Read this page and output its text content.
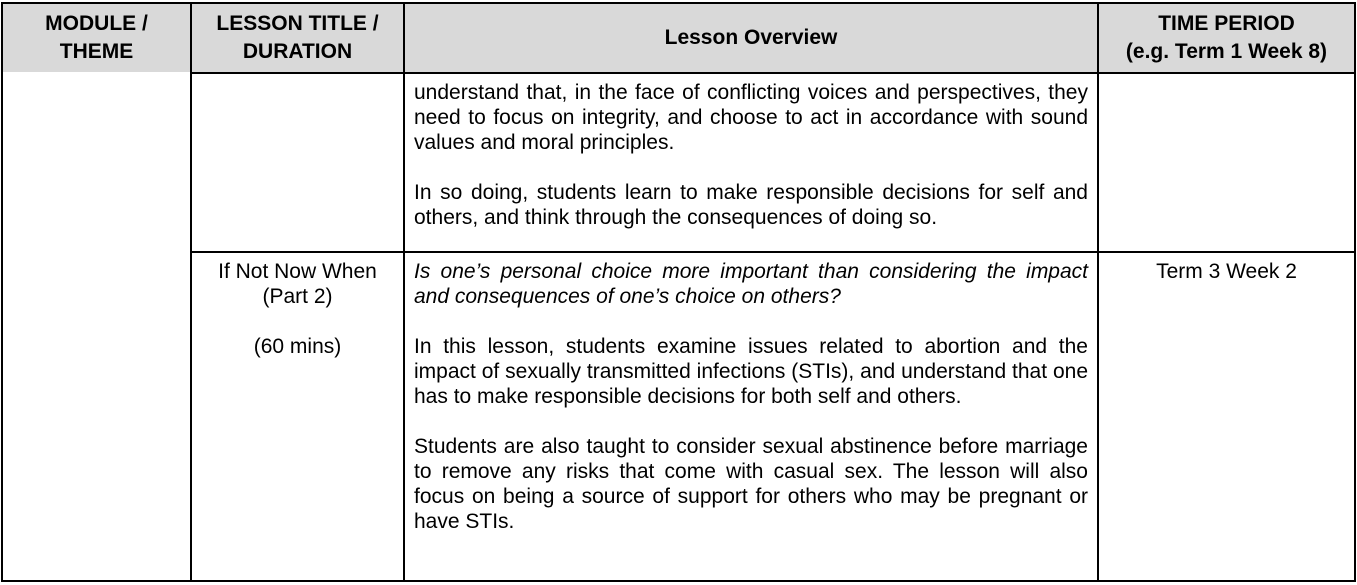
MODULE /
THEME
LESSON TITLE /
DURATION
Lesson Overview
TIME PERIOD
(e.g. Term 1 Week 8)

understand that, in the face of conflicting voices and perspectives, they need to focus on integrity, and choose to act in accordance with sound values and moral principles.

In so doing, students learn to make responsible decisions for self and others, and think through the consequences of doing so.

If Not Now When
(Part 2)
(60 mins)

Is one’s personal choice more important than considering the impact and consequences of one’s choice on others?

In this lesson, students examine issues related to abortion and the impact of sexually transmitted infections (STIs), and understand that one has to make responsible decisions for both self and others.

Students are also taught to consider sexual abstinence before marriage to remove any risks that come with casual sex. The lesson will also focus on being a source of support for others who may be pregnant or have STIs.

Term 3 Week 2
